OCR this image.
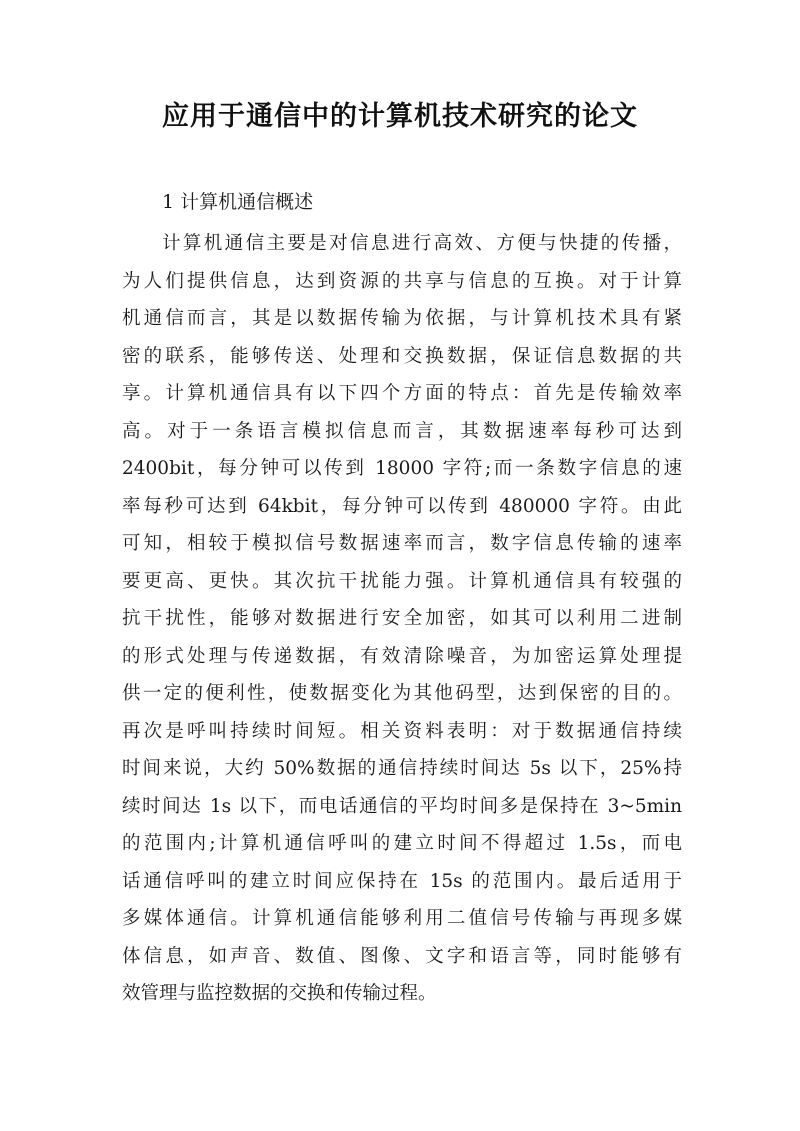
应用于通信中的计算机技术研究的论文

1 计算机通信概述

计算机通信主要是对信息进行高效、方便与快捷的传播，
为人们提供信息，达到资源的共享与信息的互换。对于计算
机通信而言，其是以数据传输为依据，与计算机技术具有紧
密的联系，能够传送、处理和交换数据，保证信息数据的共
享。计算机通信具有以下四个方面的特点：首先是传输效率
高。对于一条语言模拟信息而言，其数据速率每秒可达到
2400bit，每分钟可以传到 18000 字符;而一条数字信息的速
率每秒可达到 64kbit，每分钟可以传到 480000 字符。由此
可知，相较于模拟信号数据速率而言，数字信息传输的速率
要更高、更快。其次抗干扰能力强。计算机通信具有较强的
抗干扰性，能够对数据进行安全加密，如其可以利用二进制
的形式处理与传递数据，有效清除噪音，为加密运算处理提
供一定的便利性，使数据变化为其他码型，达到保密的目的。
再次是呼叫持续时间短。相关资料表明：对于数据通信持续
时间来说，大约 50%数据的通信持续时间达 5s 以下，25%持
续时间达 1s 以下，而电话通信的平均时间多是保持在 3~5min
的范围内;计算机通信呼叫的建立时间不得超过 1.5s，而电
话通信呼叫的建立时间应保持在 15s 的范围内。最后适用于
多媒体通信。计算机通信能够利用二值信号传输与再现多媒
体信息，如声音、数值、图像、文字和语言等，同时能够有
效管理与监控数据的交换和传输过程。
